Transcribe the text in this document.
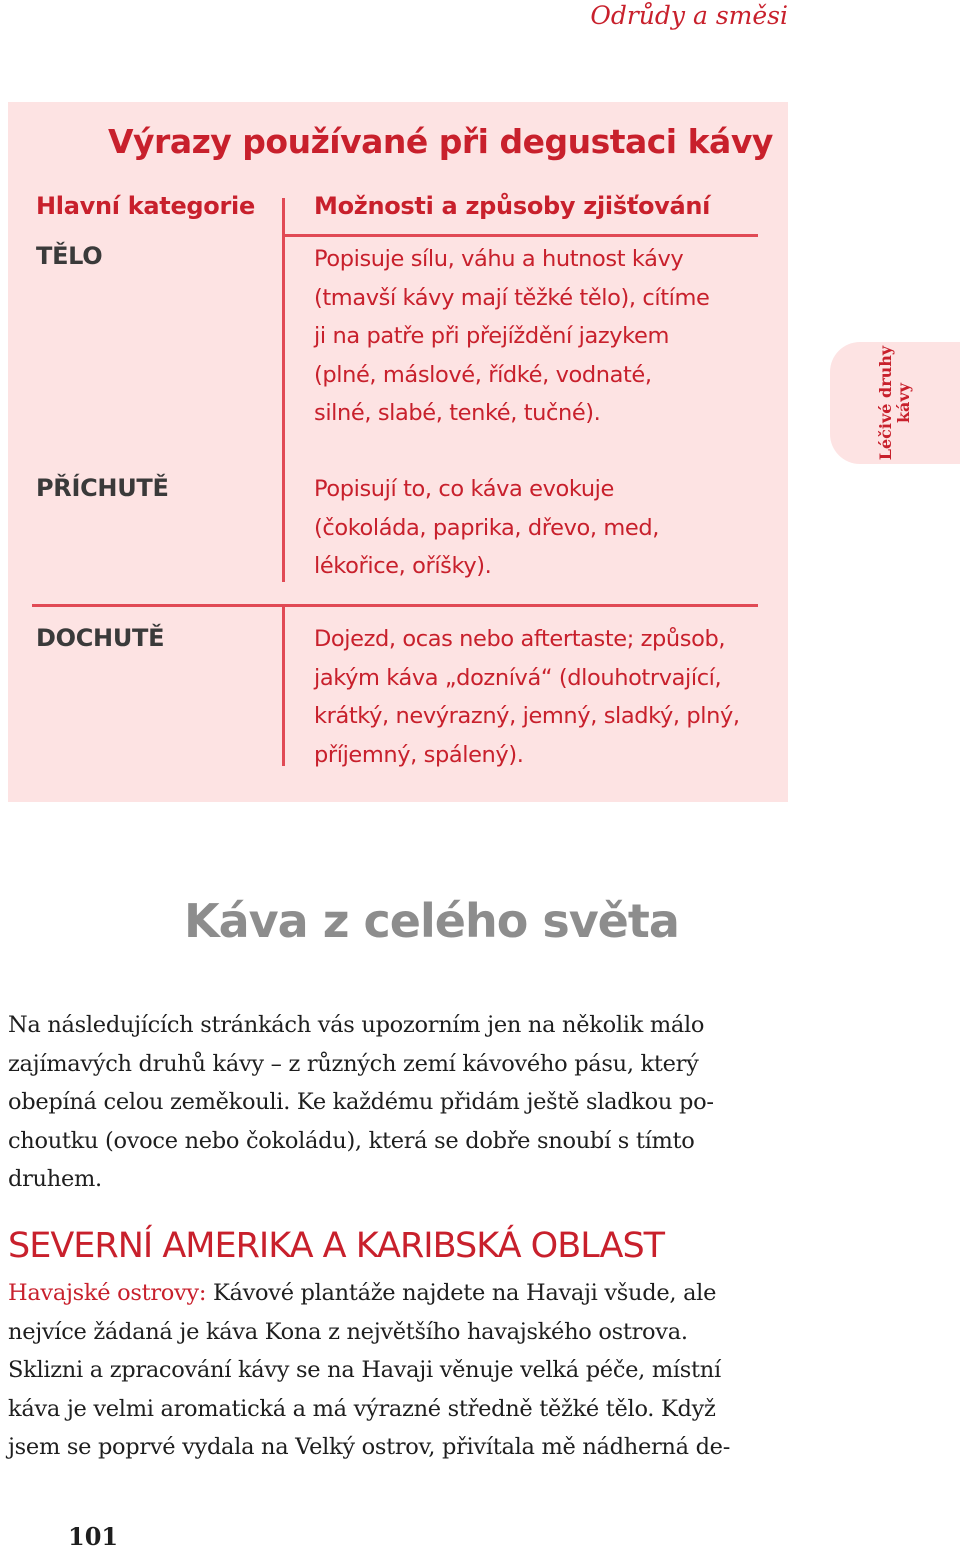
Odrůdy a směsi
Léčivé druhy kávy
Výrazy používané při degustaci kávy
Hlavní kategorie Možnosti a způsoby zjišťování
TĚLO	Popisuje sílu, váhu a hutnost kávy
(tmavší kávy mají těžké tělo), cítíme
ji na patře při přejíždění jazykem
(plné, máslové, řídké, vodnaté,
silné, slabé, tenké, tučné).
PŘÍCHUTĚ	Popisují to, co káva evokuje
(čokoláda, paprika, dřevo, med,
lékořice, oříšky).
DOCHUTĚ	Dojezd, ocas nebo aftertaste; způsob,
jakým káva „doznívá“ (dlouhotrvající,
krátký, nevýrazný, jemný, sladký, plný,
příjemný, spálený).
Káva z celého světa
Na následujících stránkách vás upozorním jen na několik málo
zajímavých druhů kávy – z různých zemí kávového pásu, který
obepíná celou zeměkouli. Ke každému přidám ještě sladkou po-
choutku (ovoce nebo čokoládu), která se dobře snoubí s tímto
druhem.
SEVERNÍ AMERIKA A KARIBSKÁ OBLAST
Havajské ostrovy: Kávové plantáže najdete na Havaji všude, ale
nejvíce žádaná je káva Kona z největšího havajského ostrova.
Sklizni a zpracování kávy se na Havaji věnuje velká péče, místní
káva je velmi aromatická a má výrazné středně těžké tělo. Když
jsem se poprvé vydala na Velký ostrov, přivítala mě nádherná de-
101
